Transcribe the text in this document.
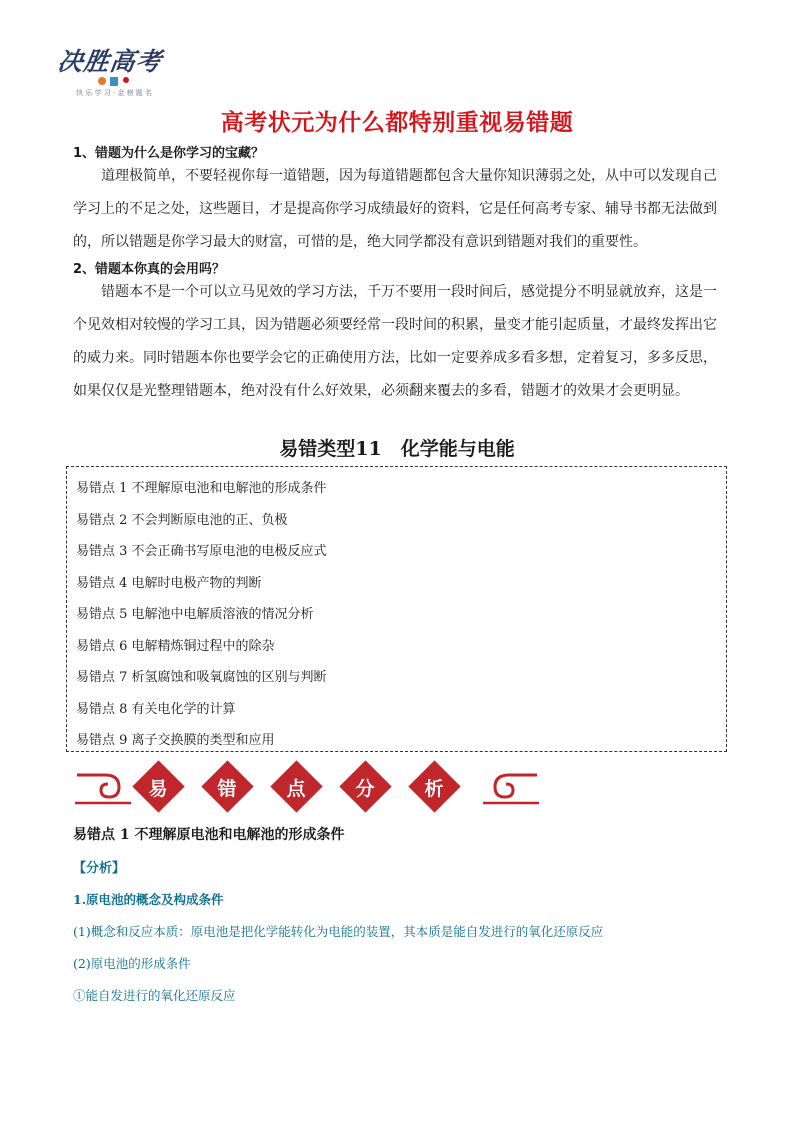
决胜高考
快 乐 学 习 · 金 榜 题 名
高考状元为什么都特别重视易错题
1、错题为什么是你学习的宝藏？
道理极简单，不要轻视你每一道错题，因为每道错题都包含大量你知识薄弱之处，从中可以发现自己
学习上的不足之处，这些题目，才是提高你学习成绩最好的资料，它是任何高考专家、辅导书都无法做到
的，所以错题是你学习最大的财富，可惜的是，绝大同学都没有意识到错题对我们的重要性。
2、错题本你真的会用吗？
错题本不是一个可以立马见效的学习方法，千万不要用一段时间后，感觉提分不明显就放弃，这是一
个见效相对较慢的学习工具，因为错题必须要经常一段时间的积累，量变才能引起质量，才最终发挥出它
的威力来。同时错题本你也要学会它的正确使用方法，比如一定要养成多看多想，定着复习，多多反思，
如果仅仅是光整理错题本，绝对没有什么好效果，必须翻来覆去的多看，错题才的效果才会更明显。
易错类型11　化学能与电能
易错点 1 不理解原电池和电解池的形成条件
易错点 2 不会判断原电池的正、负极
易错点 3 不会正确书写原电池的电极反应式
易错点 4 电解时电极产物的判断
易错点 5 电解池中电解质溶液的情况分析
易错点 6 电解精炼铜过程中的除杂
易错点 7 析氢腐蚀和吸氧腐蚀的区别与判断
易错点 8 有关电化学的计算
易错点 9 离子交换膜的类型和应用
易	错	点	分	析
易错点 1 不理解原电池和电解池的形成条件
【分析】
1.原电池的概念及构成条件
(1)概念和反应本质：原电池是把化学能转化为电能的装置，其本质是能自发进行的氧化还原反应
(2)原电池的形成条件
①能自发进行的氧化还原反应
